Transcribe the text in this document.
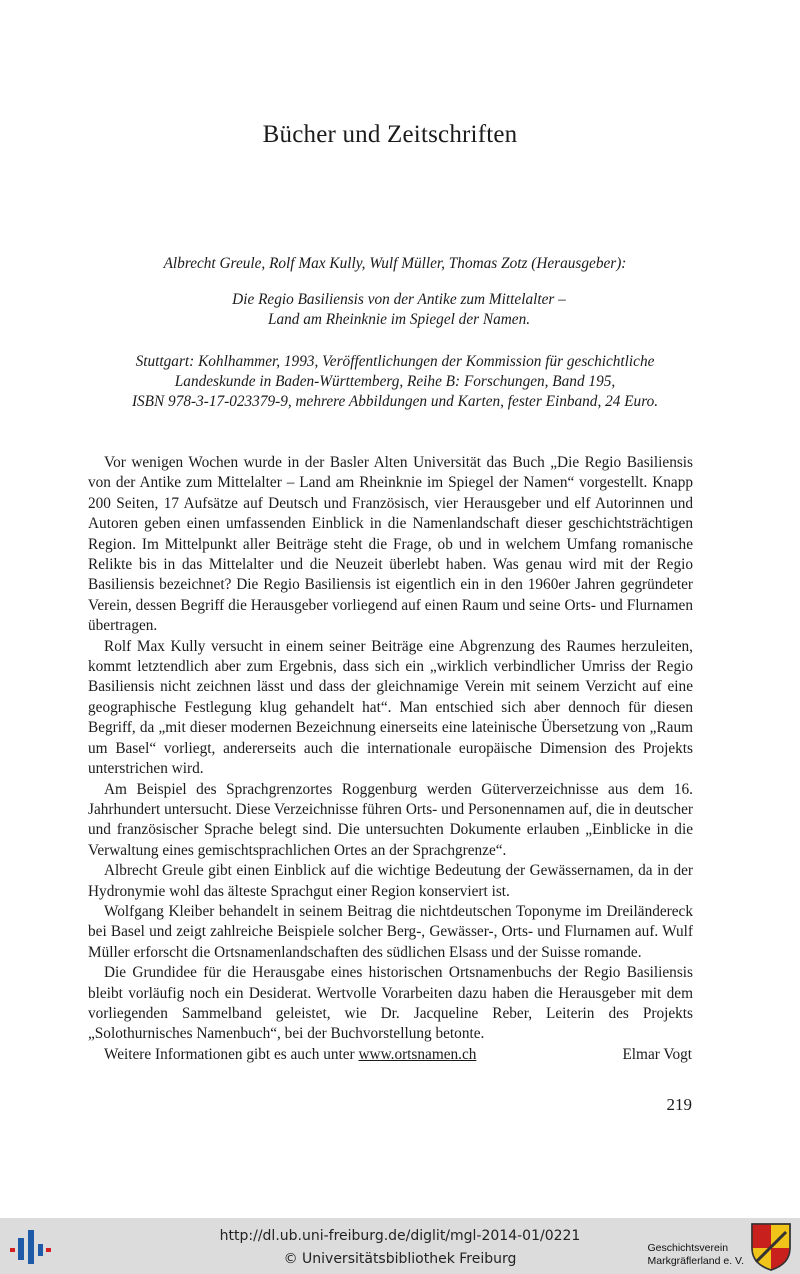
Bücher und Zeitschriften
Albrecht Greule, Rolf Max Kully, Wulf Müller, Thomas Zotz (Herausgeber):
Die Regio Basiliensis von der Antike zum Mittelalter –
Land am Rheinknie im Spiegel der Namen.
Stuttgart: Kohlhammer, 1993, Veröffentlichungen der Kommission für geschichtliche
Landeskunde in Baden-Württemberg, Reihe B: Forschungen, Band 195,
ISBN 978-3-17-023379-9, mehrere Abbildungen und Karten, fester Einband, 24 Euro.

Vor wenigen Wochen wurde in der Basler Alten Universität das Buch „Die Regio Basiliensis von der Antike zum Mittelalter – Land am Rheinknie im Spiegel der Namen“ vorgestellt. Knapp 200 Seiten, 17 Aufsätze auf Deutsch und Französisch, vier Herausgeber und elf Autorinnen und Autoren geben einen umfassenden Einblick in die Namenlandschaft dieser geschichtsträchtigen Region. Im Mittelpunkt aller Beiträge steht die Frage, ob und in welchem Umfang romanische Relikte bis in das Mittelalter und die Neuzeit überlebt haben. Was genau wird mit der Regio Basiliensis bezeichnet? Die Regio Basiliensis ist eigentlich ein in den 1960er Jahren gegründeter Verein, dessen Begriff die Herausgeber vorliegend auf einen Raum und seine Orts- und Flurnamen übertragen.

Rolf Max Kully versucht in einem seiner Beiträge eine Abgrenzung des Raumes herzuleiten, kommt letztendlich aber zum Ergebnis, dass sich ein „wirklich verbindlicher Umriss der Regio Basiliensis nicht zeichnen lässt und dass der gleichnamige Verein mit seinem Verzicht auf eine geographische Festlegung klug gehandelt hat“. Man entschied sich aber dennoch für diesen Begriff, da „mit dieser modernen Bezeichnung einerseits eine lateinische Übersetzung von „Raum um Basel“ vorliegt, andererseits auch die internationale europäische Dimension des Projekts unterstrichen wird.

Am Beispiel des Sprachgrenzortes Roggenburg werden Güterverzeichnisse aus dem 16. Jahrhundert untersucht. Diese Verzeichnisse führen Orts- und Personennamen auf, die in deutscher und französischer Sprache belegt sind. Die untersuchten Dokumente erlauben „Einblicke in die Verwaltung eines gemischtsprachlichen Ortes an der Sprachgrenze“.

Albrecht Greule gibt einen Einblick auf die wichtige Bedeutung der Gewässernamen, da in der Hydronymie wohl das älteste Sprachgut einer Region konserviert ist.

Wolfgang Kleiber behandelt in seinem Beitrag die nichtdeutschen Toponyme im Dreiländereck bei Basel und zeigt zahlreiche Beispiele solcher Berg-, Gewässer-, Orts- und Flurnamen auf. Wulf Müller erforscht die Ortsnamenlandschaften des südlichen Elsass und der Suisse romande.

Die Grundidee für die Herausgabe eines historischen Ortsnamenbuchs der Regio Basiliensis bleibt vorläufig noch ein Desiderat. Wertvolle Vorarbeiten dazu haben die Herausgeber mit dem vorliegenden Sammelband geleistet, wie Dr. Jacqueline Reber, Leiterin des Projekts „Solothurnisches Namenbuch“, bei der Buchvorstellung betonte.

Weitere Informationen gibt es auch unter www.ortsnamen.ch	Elmar Vogt
219
http://dl.ub.uni-freiburg.de/diglit/mgl-2014-01/0221
© Universitätsbibliothek Freiburg
Geschichtsverein
Markgräflerland e. V.
